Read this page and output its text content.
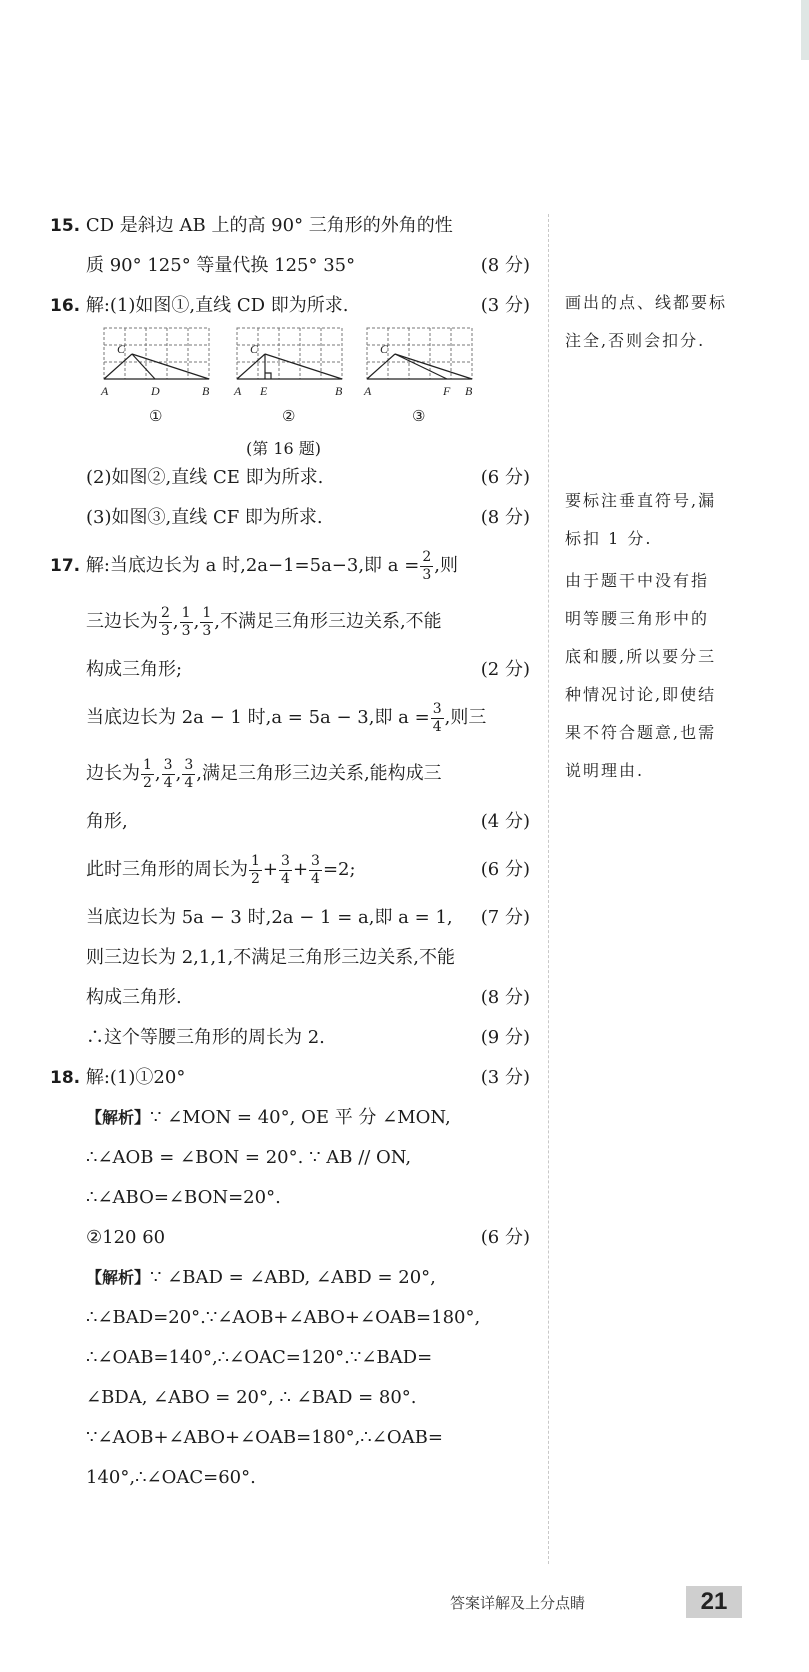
15. CD 是斜边 AB 上的高 90° 三角形的外角的性
质 90° 125° 等量代换 125° 35°	(8 分)
16. 解:(1)如图①,直线 CD 即为所求.	(3 分)
C
A	D	B
①
C
A E	B
②
C
A	F B
③
(第 16 题)
(2)如图②,直线 CE 即为所求.	(6 分)
(3)如图③,直线 CF 即为所求.	(8 分)
17. 解:当底边长为 a 时,2a−1=5a−3,即 $a = \frac{2}{3}$ ,则
三边长为 $\frac{2}{3}$ , $\frac{1}{3}$ , $\frac{1}{3}$ ,不满足三角形三边关系,不能
构成三角形;	(2 分)
当底边长为 2a − 1 时,a = 5a − 3,即 $a = \frac{3}{4}$ ,则三
边长为 $\frac{1}{2}$ , $\frac{3}{4}$ , $\frac{3}{4}$ ,满足三角形三边关系,能构成三
角形,	(4 分)
此时三角形的周长为 $\frac{1}{2} + \frac{3}{4} + \frac{3}{4} =2$;	(6 分)
当底边长为 5a − 3 时,2a − 1 = a,即 a = 1, (7 分)
则三边长为 2,1,1,不满足三角形三边关系,不能
构成三角形.	(8 分)
∴这个等腰三角形的周长为 2.	(9 分)
18. 解:(1)①20°	(3 分)
【解析】∵ ∠MON = 40°, OE 平 分 ∠MON,
∴∠AOB = ∠BON = 20°. ∵ AB // ON,
∴∠ABO=∠BON=20°.
②120 60	(6 分)
【解析】∵ ∠BAD = ∠ABD, ∠ABD = 20°,
∴∠BAD=20°.∵∠AOB+∠ABO+∠OAB=180°,
∴∠OAB=140°,∴∠OAC=120°.∵∠BAD=
∠BDA, ∠ABO = 20°, ∴ ∠BAD = 80°.
∵∠AOB+∠ABO+∠OAB=180°,∴∠OAB=
140°,∴∠OAC=60°.
画出的点、线都要标
注全,否则会扣分.
要标注垂直符号,漏
标扣 1 分.
由于题干中没有指
明等腰三角形中的
底和腰,所以要分三
种情况讨论,即使结
果不符合题意,也需
说明理由.
答案详解及上分点睛	21
